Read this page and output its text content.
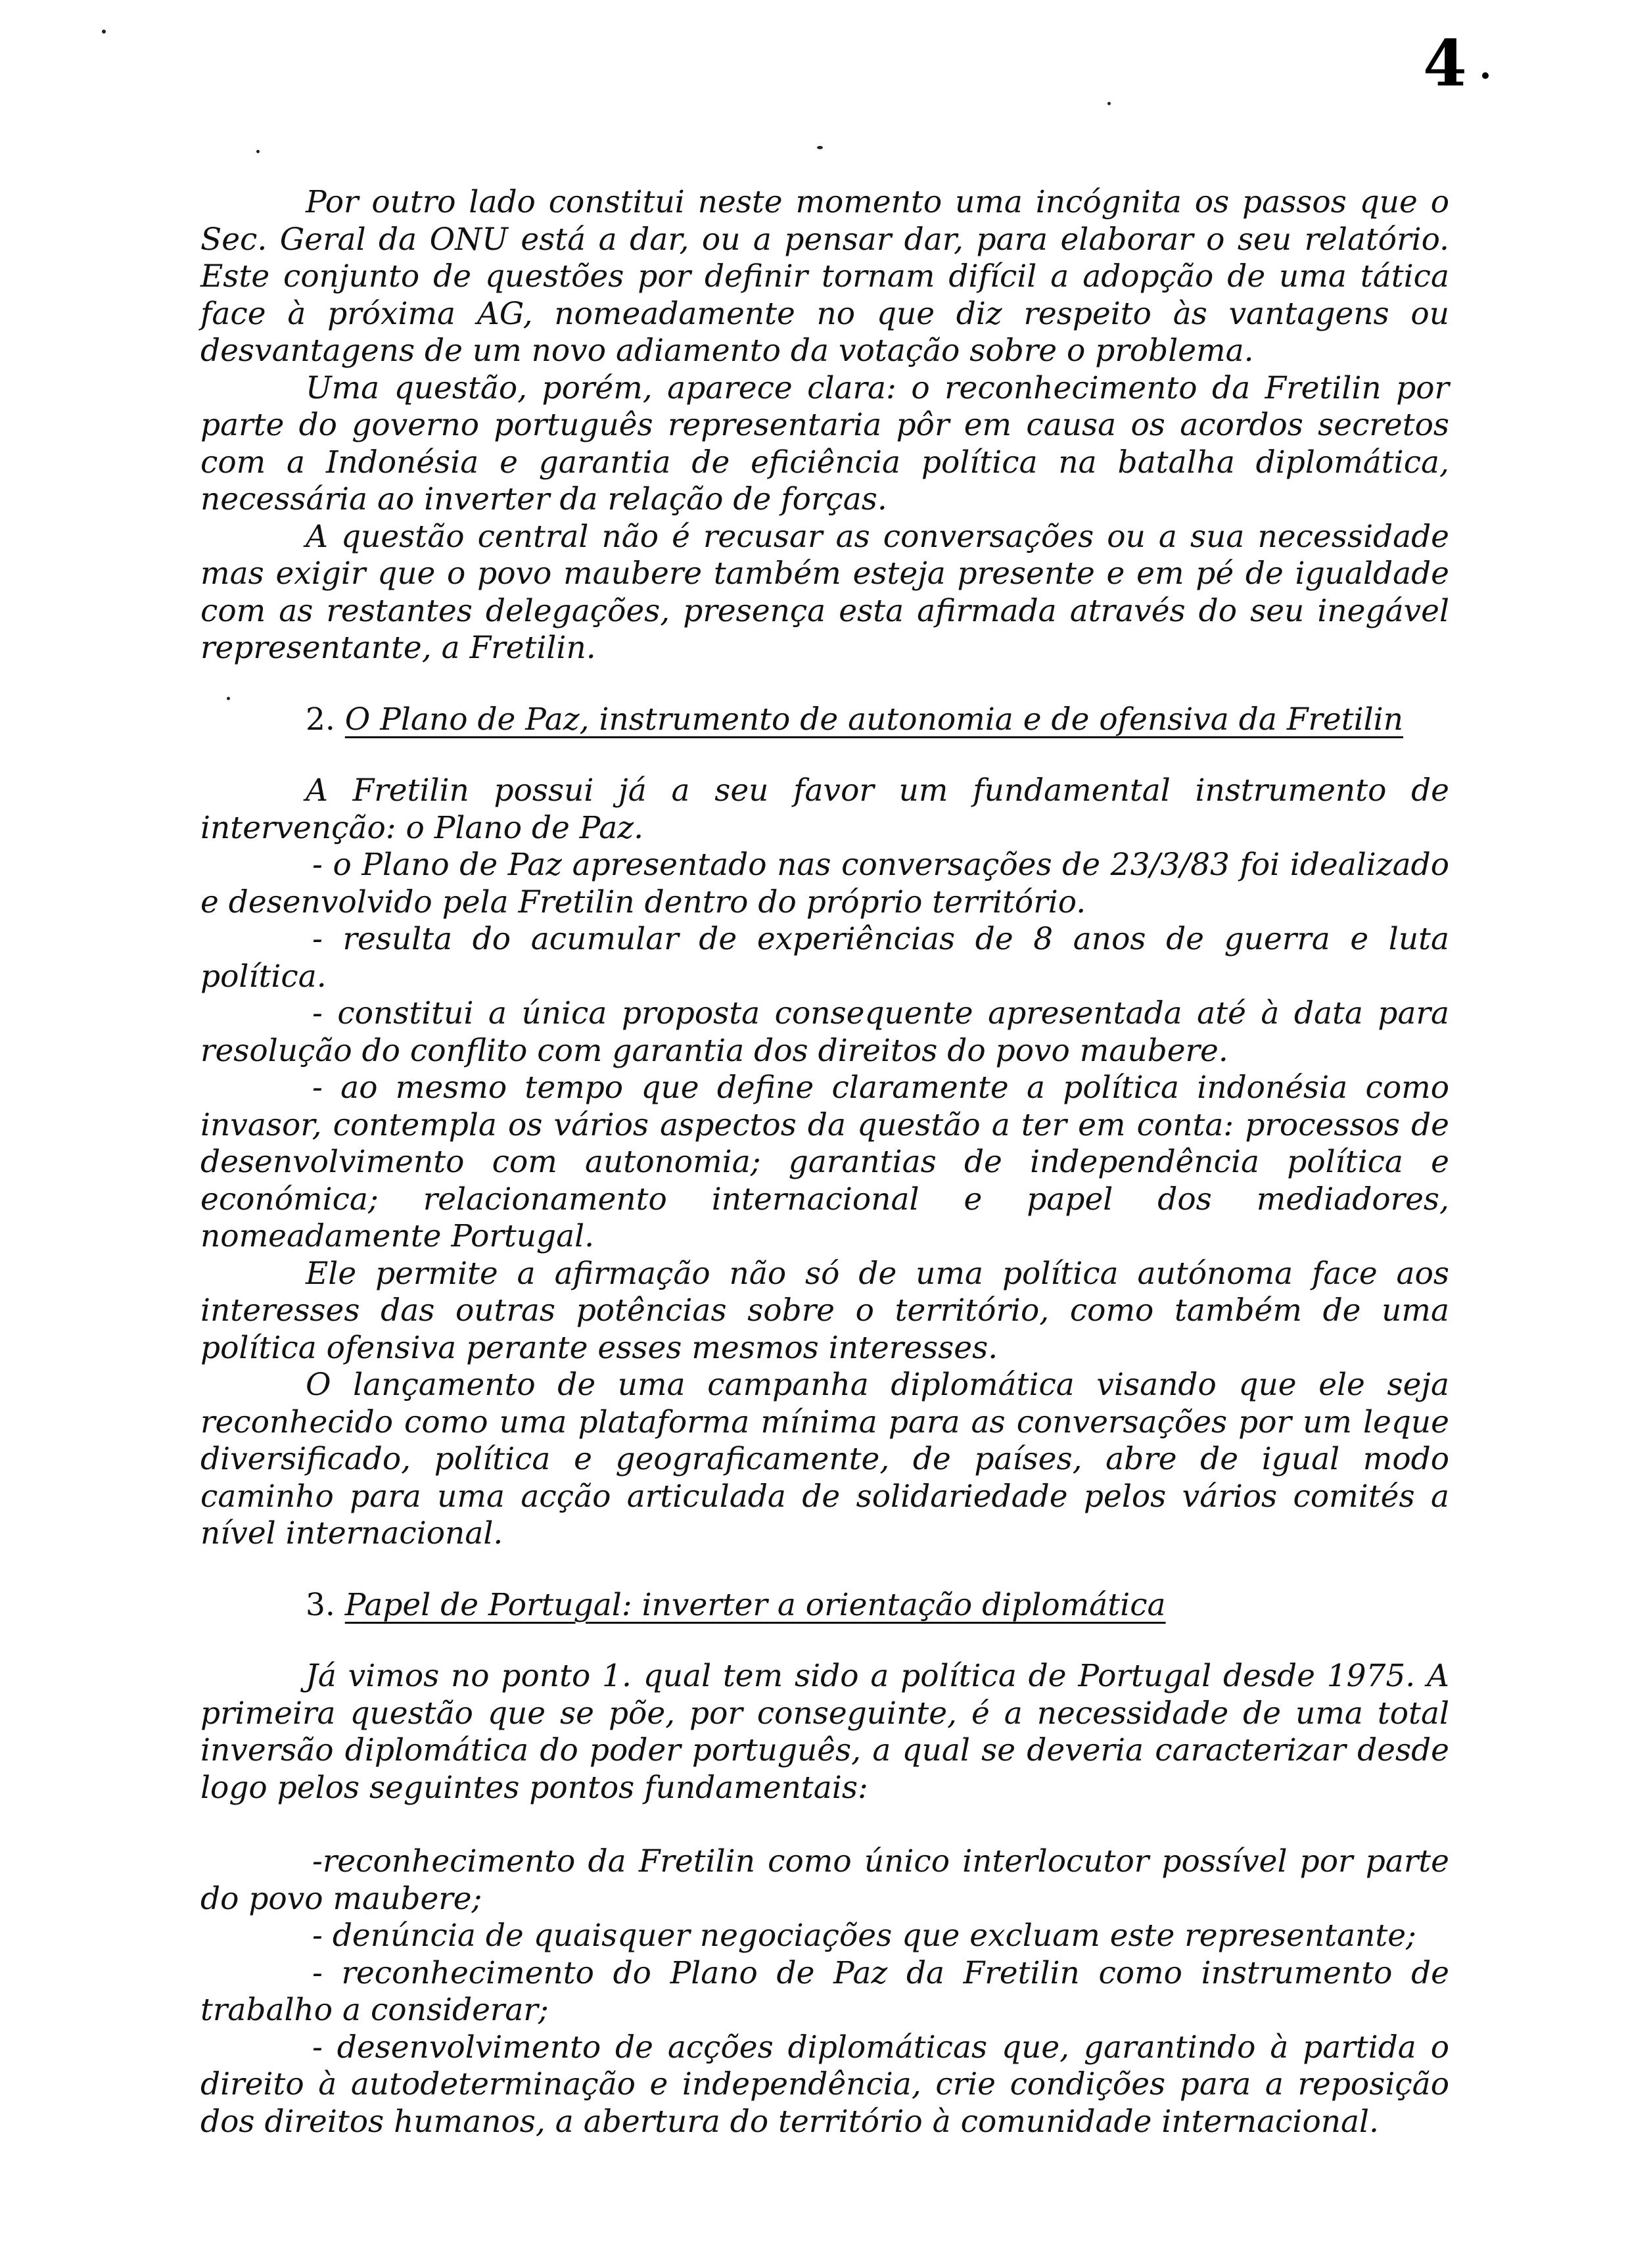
4

Por outro lado constitui neste momento uma incógnita os passos que o Sec. Geral da ONU está a dar, ou a pensar dar, para elaborar o seu relatório. Este conjunto de questões por definir tornam difícil a adopção de uma tática face à próxima AG, nomeadamente no que diz respeito às vantagens ou desvantagens de um novo adiamento da votação sobre o problema.

Uma questão, porém, aparece clara: o reconhecimento da Fretilin por parte do governo português representaria pôr em causa os acordos secretos com a Indonésia e garantia de eficiência política na batalha diplomática, necessária ao inverter da relação de forças.

A questão central não é recusar as conversações ou a sua necessidade mas exigir que o povo maubere também esteja presente e em pé de igualdade com as restantes delegações, presença esta afirmada através do seu inegável representante, a Fretilin.

2. O Plano de Paz, instrumento de autonomia e de ofensiva da Fretilin

A Fretilin possui já a seu favor um fundamental instrumento de intervenção: o Plano de Paz.

- o Plano de Paz apresentado nas conversações de 23/3/83 foi idealizado e desenvolvido pela Fretilin dentro do próprio território.

- resulta do acumular de experiências de 8 anos de guerra e luta política.

- constitui a única proposta consequente apresentada até à data para resolução do conflito com garantia dos direitos do povo maubere.

- ao mesmo tempo que define claramente a política indonésia como invasor, contempla os vários aspectos da questão a ter em conta: processos de desenvolvimento com autonomia; garantias de independência política e económica; relacionamento internacional e papel dos mediadores, nomeadamente Portugal.

Ele permite a afirmação não só de uma política autónoma face aos interesses das outras potências sobre o território, como também de uma política ofensiva perante esses mesmos interesses.

O lançamento de uma campanha diplomática visando que ele seja reconhecido como uma plataforma mínima para as conversações por um leque diversificado, política e geograficamente, de países, abre de igual modo caminho para uma acção articulada de solidariedade pelos vários comités a nível internacional.

3. Papel de Portugal: inverter a orientação diplomática

Já vimos no ponto 1. qual tem sido a política de Portugal desde 1975. A primeira questão que se põe, por conseguinte, é a necessidade de uma total inversão diplomática do poder português, a qual se deveria caracterizar desde logo pelos seguintes pontos fundamentais:

-reconhecimento da Fretilin como único interlocutor possível por parte do povo maubere;

- denúncia de quaisquer negociações que excluam este representante;

- reconhecimento do Plano de Paz da Fretilin como instrumento de trabalho a considerar;

- desenvolvimento de acções diplomáticas que, garantindo à partida o direito à autodeterminação e independência, crie condições para a reposição dos direitos humanos, a abertura do território à comunidade internacional.
